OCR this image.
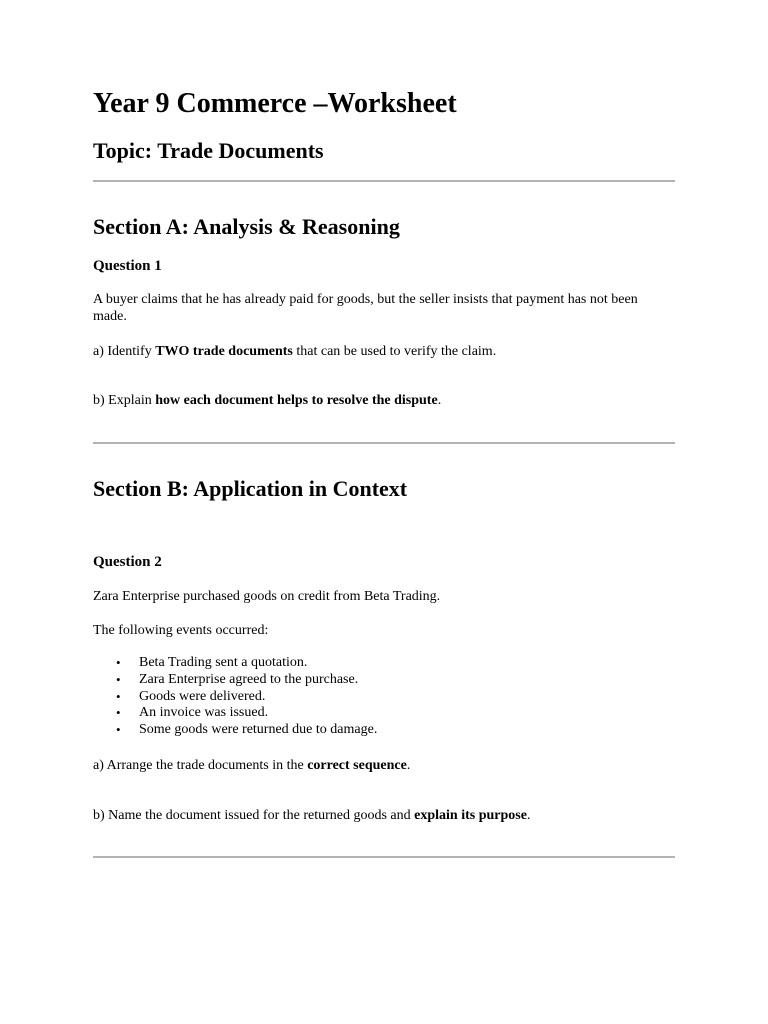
Year 9 Commerce –Worksheet
Topic: Trade Documents
Section A: Analysis & Reasoning
Question 1

A buyer claims that he has already paid for goods, but the seller insists that payment has not been made.

a) Identify TWO trade documents that can be used to verify the claim.

b) Explain how each document helps to resolve the dispute.

Section B: Application in Context
Question 2

Zara Enterprise purchased goods on credit from Beta Trading.

The following events occurred:

• Beta Trading sent a quotation.
• Zara Enterprise agreed to the purchase.
• Goods were delivered.
• An invoice was issued.
• Some goods were returned due to damage.

a) Arrange the trade documents in the correct sequence.

b) Name the document issued for the returned goods and explain its purpose.
